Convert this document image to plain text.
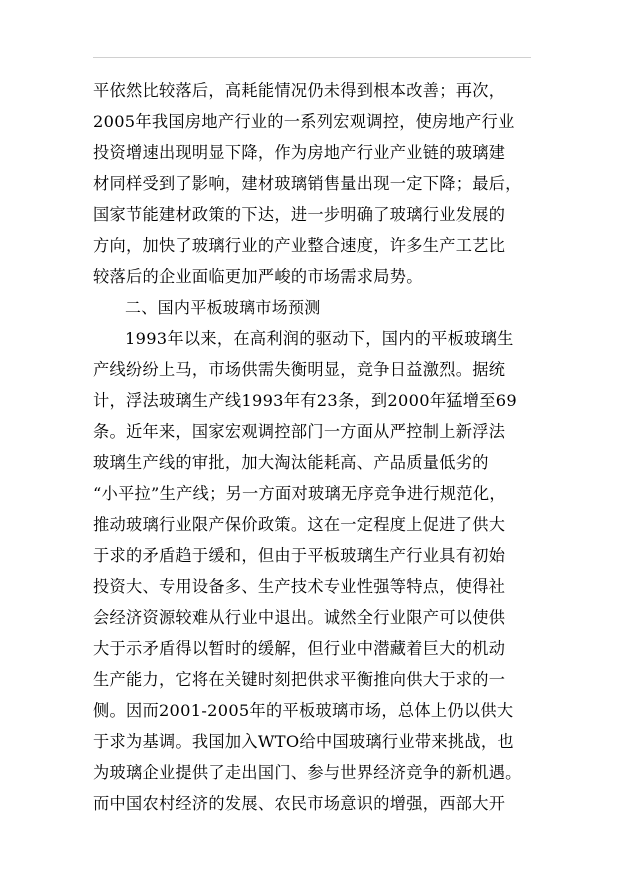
平依然比较落后，高耗能情况仍未得到根本改善；再次，
2005年我国房地产行业的一系列宏观调控，使房地产行业
投资增速出现明显下降，作为房地产行业产业链的玻璃建
材同样受到了影响，建材玻璃销售量出现一定下降；最后，
国家节能建材政策的下达，进一步明确了玻璃行业发展的
方向，加快了玻璃行业的产业整合速度，许多生产工艺比
较落后的企业面临更加严峻的市场需求局势。
二、国内平板玻璃市场预测
1993年以来，在高利润的驱动下，国内的平板玻璃生
产线纷纷上马，市场供需失衡明显，竞争日益激烈。据统
计，浮法玻璃生产线1993年有23条，到2000年猛增至69
条。近年来，国家宏观调控部门一方面从严控制上新浮法
玻璃生产线的审批，加大淘汰能耗高、产品质量低劣的
“小平拉”生产线；另一方面对玻璃无序竞争进行规范化，
推动玻璃行业限产保价政策。这在一定程度上促进了供大
于求的矛盾趋于缓和，但由于平板玻璃生产行业具有初始
投资大、专用设备多、生产技术专业性强等特点，使得社
会经济资源较难从行业中退出。诚然全行业限产可以使供
大于示矛盾得以暂时的缓解，但行业中潜藏着巨大的机动
生产能力，它将在关键时刻把供求平衡推向供大于求的一
侧。因而2001-2005年的平板玻璃市场，总体上仍以供大
于求为基调。我国加入WTO给中国玻璃行业带来挑战，也
为玻璃企业提供了走出国门、参与世界经济竞争的新机遇。
而中国农村经济的发展、农民市场意识的增强，西部大开
